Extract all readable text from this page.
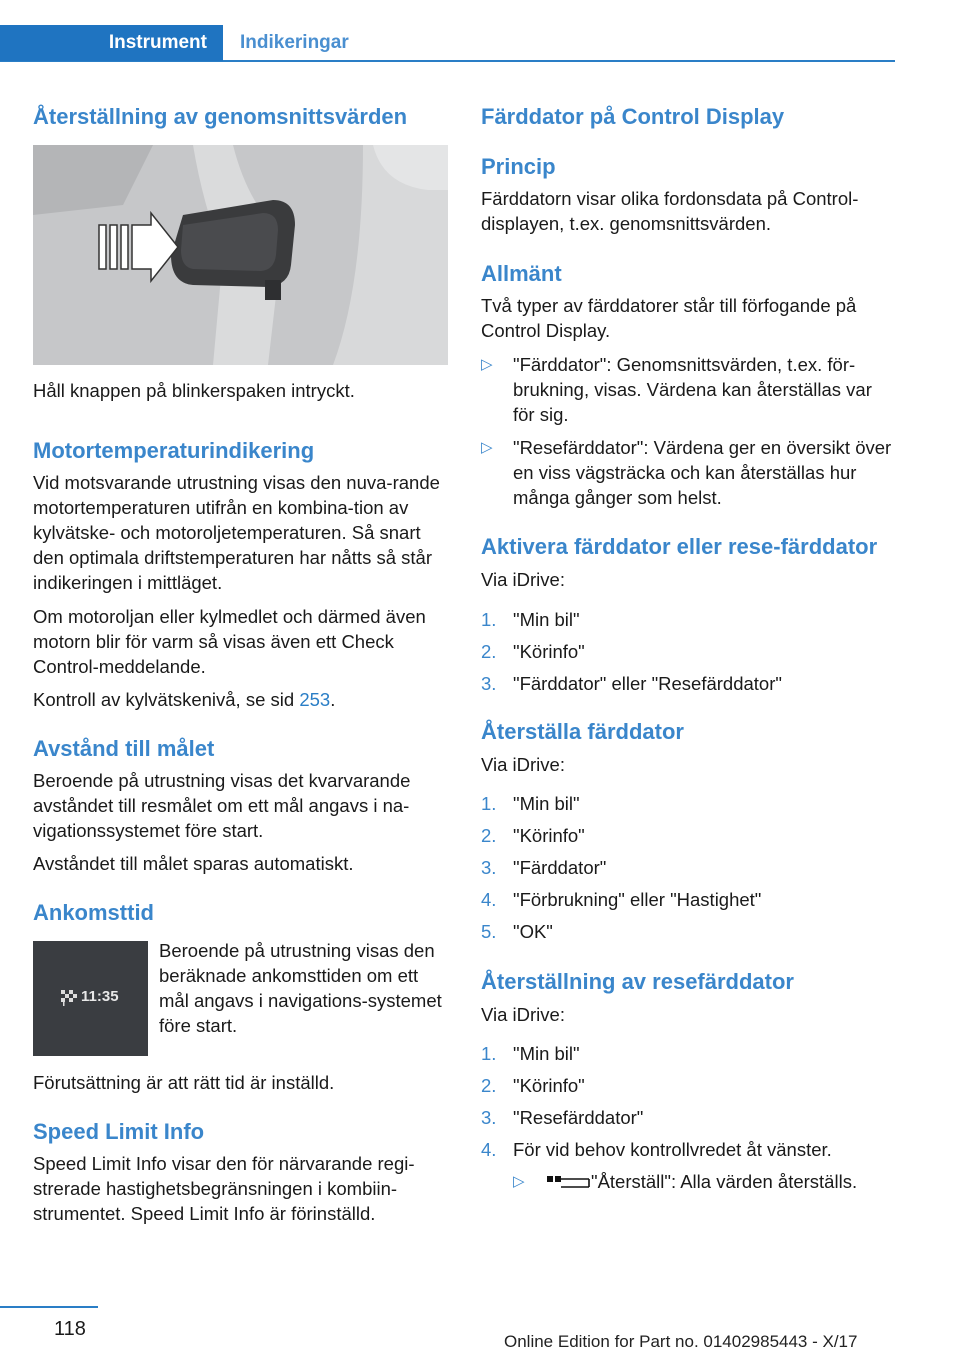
Instrument	Indikeringar
Återställning av genomsnittsvärden

Håll knappen på blinkerspaken intryckt.

Motortemperaturindikering

Vid motsvarande utrustning visas den nuva-rande motortemperaturen utifrån en kombina-tion av kylvätske- och motoroljetemperaturen. Så snart den optimala driftstemperaturen har nåtts så står indikeringen i mittläget.

Om motoroljan eller kylmedlet och därmed även motorn blir för varm så visas även ett Check Control-meddelande.

Kontroll av kylvätskenivå, se sid 253.

Avstånd till målet

Beroende på utrustning visas det kvarvarande avståndet till resmålet om ett mål angavs i na-vigationssystemet före start.

Avståndet till målet sparas automatiskt.

Ankomsttid
11:35

Beroende på utrustning visas den beräknade ankomsttiden om ett mål angavs i navigations-systemet före start.

Förutsättning är att rätt tid är inställd.

Speed Limit Info

Speed Limit Info visar den för närvarande regi-strerade hastighetsbegränsningen i kombiin-strumentet. Speed Limit Info är förinställd.

Färddator på Control Display
Princip

Färddatorn visar olika fordonsdata på Control-displayen, t.ex. genomsnittsvärden.

Allmänt

Två typer av färddatorer står till förfogande på Control Display.

▷ "Färddator": Genomsnittsvärden, t.ex. för-brukning, visas. Värdena kan återställas var för sig.
▷ "Resefärddator": Värdena ger en översikt över en viss vägsträcka och kan återställas hur många gånger som helst.
Aktivera färddator eller rese-färddator

Via iDrive:

1. "Min bil"
2. "Körinfo"
3. "Färddator" eller "Resefärddator"
Återställa färddator

Via iDrive:

1. "Min bil"
2. "Körinfo"
3. "Färddator"
4. "Förbrukning" eller "Hastighet"
5. "OK"
Återställning av resefärddator

Via iDrive:

1. "Min bil"
2. "Körinfo"
3. "Resefärddator"
4. För vid behov kontrollvredet åt vänster.
▷	"Återställ": Alla värden återställs.
118
Online Edition for Part no. 01402985443 - X/17
